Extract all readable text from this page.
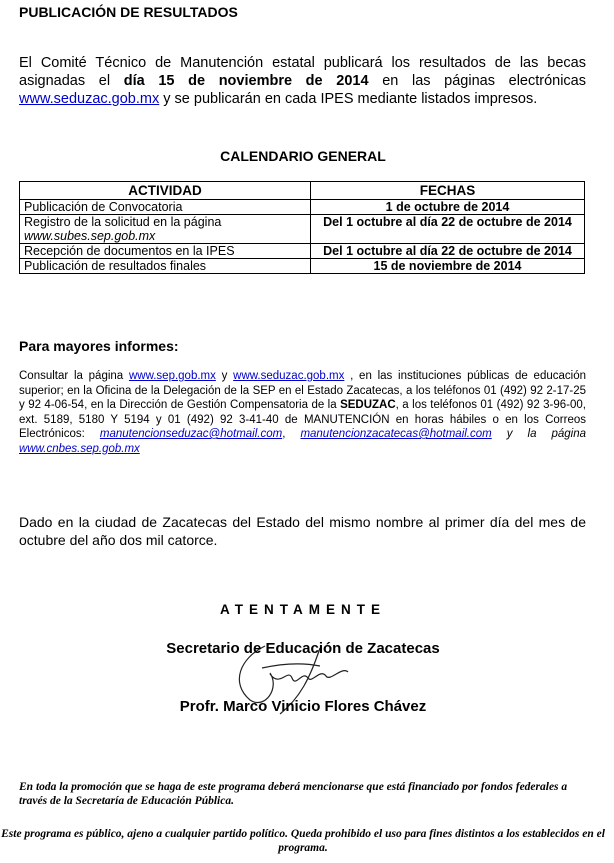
PUBLICACIÓN DE RESULTADOS
El Comité Técnico de Manutención estatal publicará los resultados de las becas asignadas el día 15 de noviembre de 2014 en las páginas electrónicas www.seduzac.gob.mx y se publicarán en cada IPES mediante listados impresos.
CALENDARIO GENERAL
ACTIVIDAD	FECHAS
Publicación de Convocatoria	1 de octubre de 2014
Registro de la solicitud en la página
www.subes.sep.gob.mx	Del 1 octubre al día 22 de octubre de 2014
Recepción de documentos en la IPES	Del 1 octubre al día 22 de octubre de 2014
Publicación de resultados finales	15 de noviembre de 2014
Para mayores informes:
Consultar la página www.sep.gob.mx y www.seduzac.gob.mx , en las instituciones públicas de educación superior; en la Oficina de la Delegación de la SEP en el Estado Zacatecas, a los teléfonos 01 (492) 92 2-17-25 y 92 4-06-54, en la Dirección de Gestión Compensatoria de la SEDUZAC, a los teléfonos 01 (492) 92 3-96-00, ext. 5189, 5180 Y 5194 y 01 (492) 92 3-41-40 de MANUTENCIÓN en horas hábiles o en los Correos Electrónicos: manutencionseduzac@hotmail.com, manutencionzacatecas@hotmail.com y la página www.cnbes.sep.gob.mx
Dado en la ciudad de Zacatecas del Estado del mismo nombre al primer día del mes de octubre del año dos mil catorce.
ATENTAMENTE
Secretario de Educación de Zacatecas
Profr. Marco Vinicio Flores Chávez
En toda la promoción que se haga de este programa deberá mencionarse que está financiado por fondos federales a través de la Secretaría de Educación Pública.
Este programa es público, ajeno a cualquier partido político. Queda prohibido el uso para fines distintos a los establecidos en el programa.
